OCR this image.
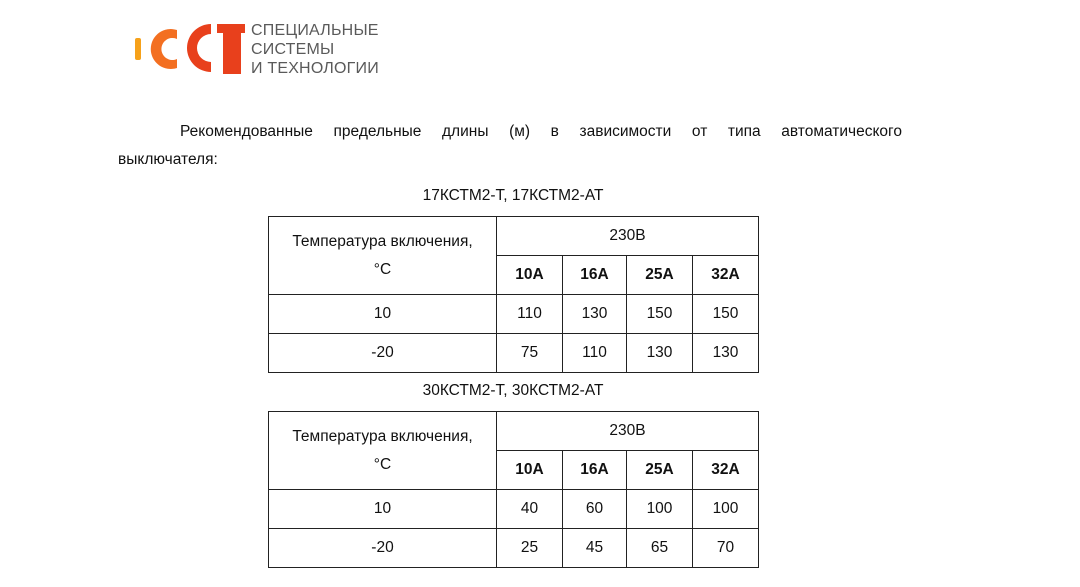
СПЕЦИАЛЬНЫЕ
СИСТЕМЫ
И ТЕХНОЛОГИИ
Рекомендованные предельные длины (м) в зависимости от типа автоматического
выключателя:
17КСТМ2-Т, 17КСТМ2-АТ
Температура включения,
°С	230В			
	10А	16А	25А	32А
10	110	130	150	150
-20	75	110	130	130
30КСТМ2-Т, 30КСТМ2-АТ
Температура включения,
°С	230В			
	10А	16А	25А	32А
10	40	60	100	100
-20	25	45	65	70
